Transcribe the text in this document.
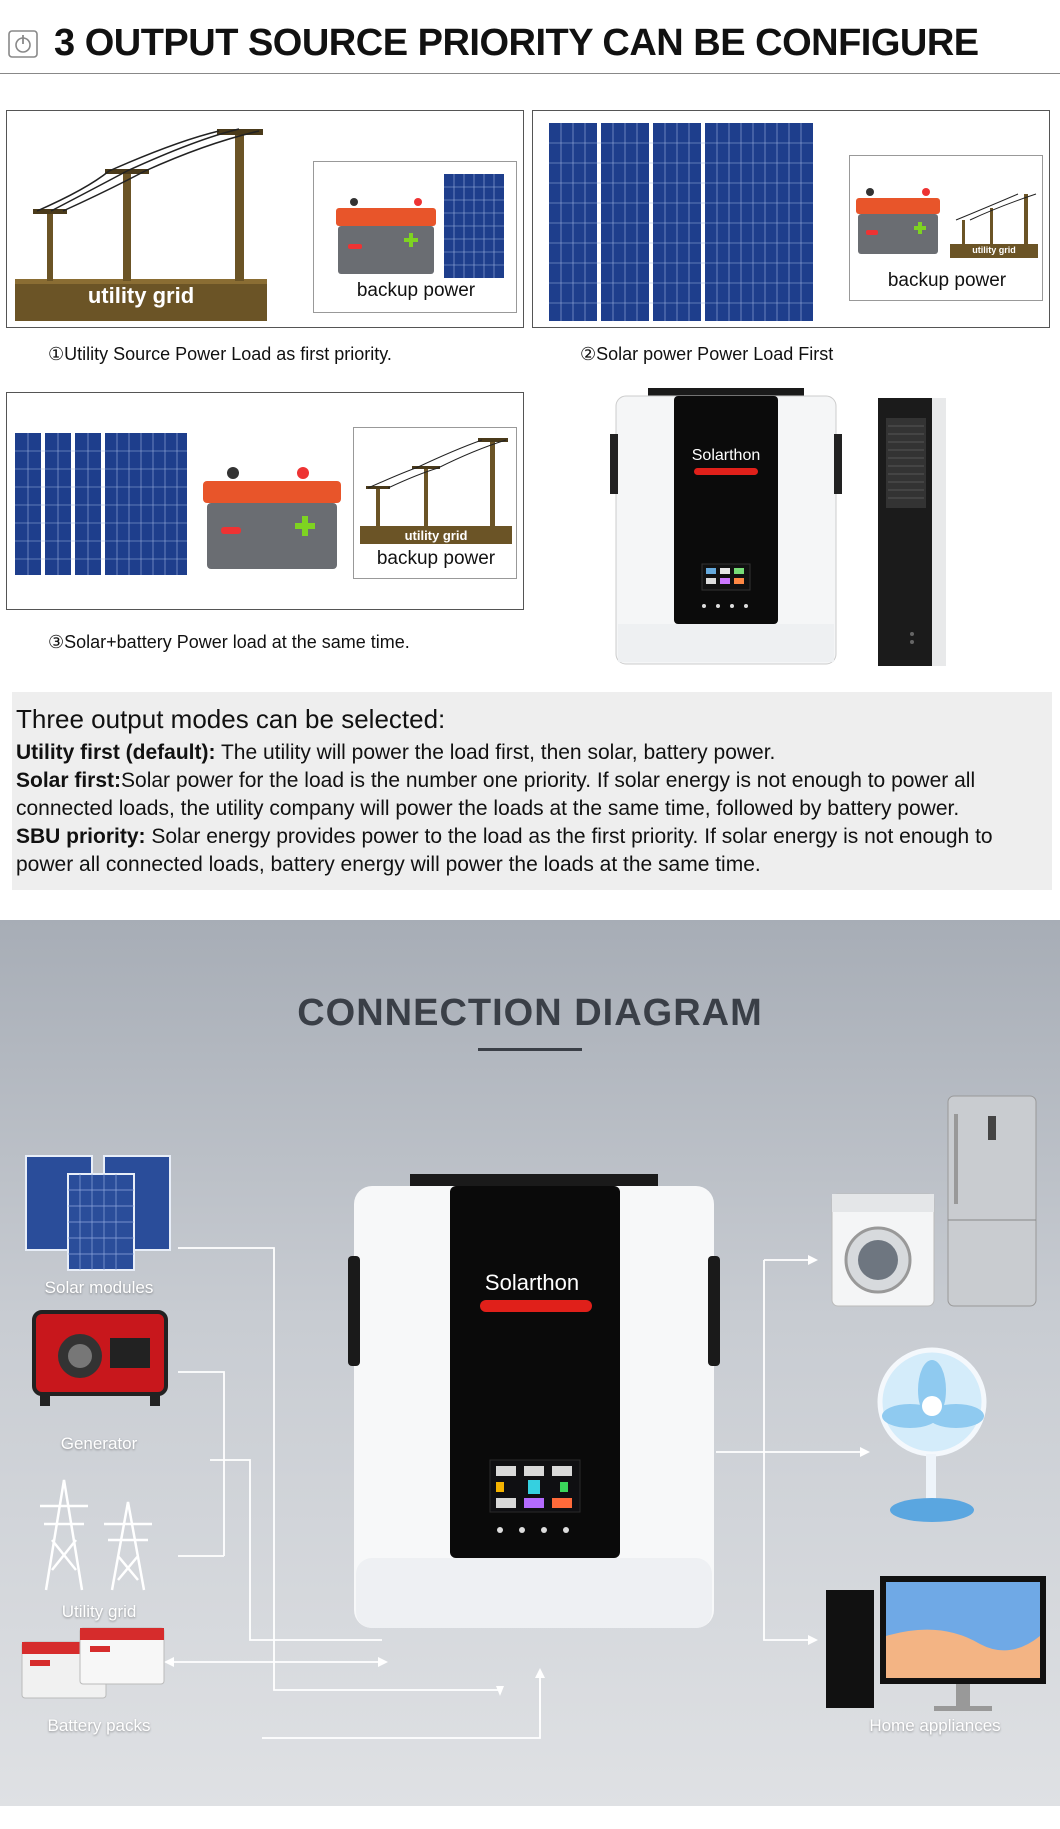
3 OUTPUT SOURCE PRIORITY CAN BE CONFIGURE
utility grid	backup power
①Utility Source Power Load as first priority.
utility grid
backup power
②Solar power Power Load First
utility grid
backup power
③Solar+battery Power load at the same time.
Solarthon
Three output modes can be selected:

Utility first (default): The utility will power the load first, then solar, battery power.

Solar first:Solar power for the load is the number one priority. If solar energy is not enough to power all connected loads, the utility company will power the loads at the same time, followed by battery power.

SBU priority: Solar energy provides power to the load as the first priority. If solar energy is not enough to power all connected loads, battery energy will power the loads at the same time.

CONNECTION DIAGRAM
Solarthon
Solar modules
Generator
Utility grid
Battery packs	Home appliances
